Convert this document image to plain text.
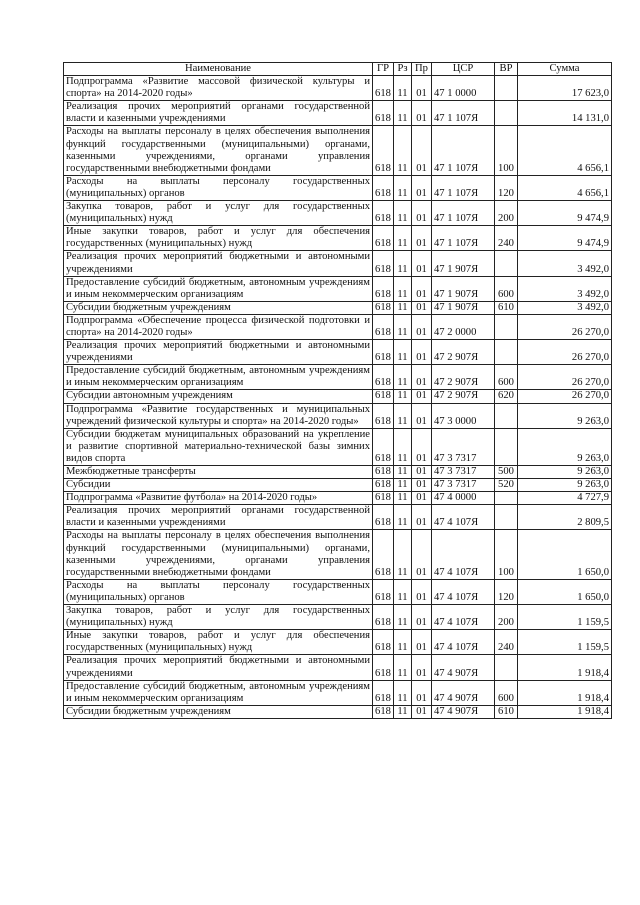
Наименование	ГР	Рз	Пр	ЦСР	ВР	Сумма
Подпрограмма «Развитие массовой физической культуры и спорта» на 2014-2020 годы»	618	11	01	47 1 0000		17 623,0
Реализация прочих мероприятий органами государственной власти и казенными учреждениями	618	11	01	47 1 107Я		14 131,0
Расходы на выплаты персоналу в целях обеспечения выполнения функций государственными (муниципальными) органами, казенными учреждениями, органами управления государственными внебюджетными фондами	618	11	01	47 1 107Я	100	4 656,1
Расходы на выплаты персоналу государственных (муниципальных) органов	618	11	01	47 1 107Я	120	4 656,1
Закупка товаров, работ и услуг для государственных (муниципальных) нужд	618	11	01	47 1 107Я	200	9 474,9
Иные закупки товаров, работ и услуг для обеспечения государственных (муниципальных) нужд	618	11	01	47 1 107Я	240	9 474,9
Реализация прочих мероприятий бюджетными и автономными учреждениями	618	11	01	47 1 907Я		3 492,0
Предоставление субсидий бюджетным, автономным учреждениям и иным некоммерческим организациям	618	11	01	47 1 907Я	600	3 492,0
Субсидии бюджетным учреждениям	618	11	01	47 1 907Я	610	3 492,0
Подпрограмма «Обеспечение процесса физической подготовки и спорта» на 2014-2020 годы»	618	11	01	47 2 0000		26 270,0
Реализация прочих мероприятий бюджетными и автономными учреждениями	618	11	01	47 2 907Я		26 270,0
Предоставление субсидий бюджетным, автономным учреждениям и иным некоммерческим организациям	618	11	01	47 2 907Я	600	26 270,0
Субсидии автономным учреждениям	618	11	01	47 2 907Я	620	26 270,0
Подпрограмма «Развитие государственных и муниципальных учреждений физической культуры и спорта» на 2014-2020 годы»	618	11	01	47 3 0000		9 263,0
Субсидии бюджетам муниципальных образований на укрепление и развитие спортивной материально-технической базы зимних видов спорта	618	11	01	47 3 7317		9 263,0
Межбюджетные трансферты	618	11	01	47 3 7317	500	9 263,0
Субсидии	618	11	01	47 3 7317	520	9 263,0
Подпрограмма «Развитие футбола» на 2014-2020 годы»	618	11	01	47 4 0000		4 727,9
Реализация прочих мероприятий органами государственной власти и казенными учреждениями	618	11	01	47 4 107Я		2 809,5
Расходы на выплаты персоналу в целях обеспечения выполнения функций государственными (муниципальными) органами, казенными учреждениями, органами управления государственными внебюджетными фондами	618	11	01	47 4 107Я	100	1 650,0
Расходы на выплаты персоналу государственных (муниципальных) органов	618	11	01	47 4 107Я	120	1 650,0
Закупка товаров, работ и услуг для государственных (муниципальных) нужд	618	11	01	47 4 107Я	200	1 159,5
Иные закупки товаров, работ и услуг для обеспечения государственных (муниципальных) нужд	618	11	01	47 4 107Я	240	1 159,5
Реализация прочих мероприятий бюджетными и автономными учреждениями	618	11	01	47 4 907Я		1 918,4
Предоставление субсидий бюджетным, автономным учреждениям и иным некоммерческим организациям	618	11	01	47 4 907Я	600	1 918,4
Субсидии бюджетным учреждениям	618	11	01	47 4 907Я	610	1 918,4
